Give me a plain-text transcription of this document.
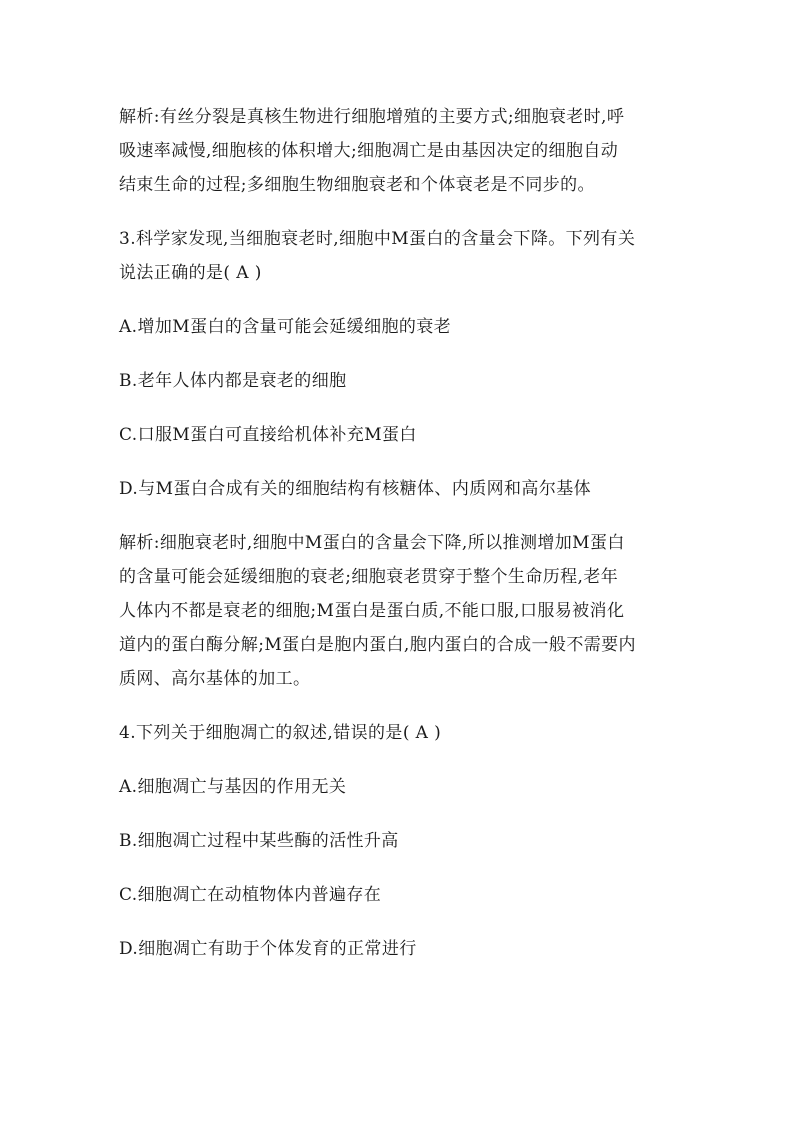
解析:有丝分裂是真核生物进行细胞增殖的主要方式;细胞衰老时,呼
吸速率减慢,细胞核的体积增大;细胞凋亡是由基因决定的细胞自动
结束生命的过程;多细胞生物细胞衰老和个体衰老是不同步的。

3.科学家发现,当细胞衰老时,细胞中M蛋白的含量会下降。下列有关
说法正确的是( A )

A.增加M蛋白的含量可能会延缓细胞的衰老

B.老年人体内都是衰老的细胞

C.口服M蛋白可直接给机体补充M蛋白

D.与M蛋白合成有关的细胞结构有核糖体、内质网和高尔基体

解析:细胞衰老时,细胞中M蛋白的含量会下降,所以推测增加M蛋白
的含量可能会延缓细胞的衰老;细胞衰老贯穿于整个生命历程,老年
人体内不都是衰老的细胞;M蛋白是蛋白质,不能口服,口服易被消化
道内的蛋白酶分解;M蛋白是胞内蛋白,胞内蛋白的合成一般不需要内
质网、高尔基体的加工。

4.下列关于细胞凋亡的叙述,错误的是( A )

A.细胞凋亡与基因的作用无关

B.细胞凋亡过程中某些酶的活性升高

C.细胞凋亡在动植物体内普遍存在

D.细胞凋亡有助于个体发育的正常进行
